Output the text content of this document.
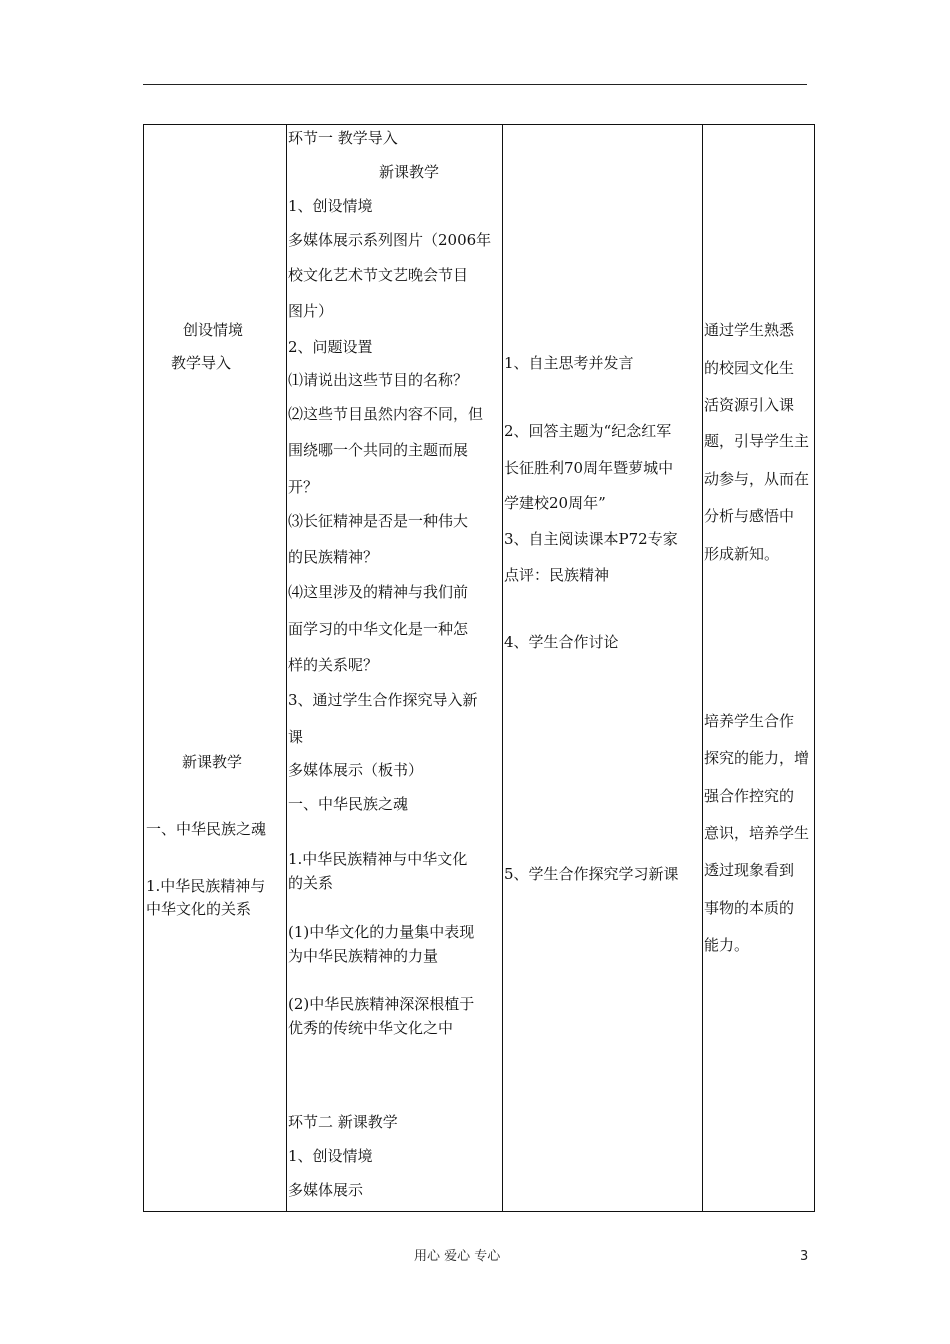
创设情境
教学导入
新课教学
一、中华民族之魂
1.中华民族精神与
中华文化的关系
环节一 教学导入
新课教学
1、创设情境
多媒体展示系列图片（2006年
校文化艺术节文艺晚会节目
图片）
2、问题设置
⑴请说出这些节目的名称？
⑵这些节目虽然内容不同，但
围绕哪一个共同的主题而展
开？
⑶长征精神是否是一种伟大
的民族精神？
⑷这里涉及的精神与我们前
面学习的中华文化是一种怎
样的关系呢？
3、通过学生合作探究导入新
课
多媒体展示（板书）
一、中华民族之魂
1.中华民族精神与中华文化
的关系
(1)中华文化的力量集中表现
为中华民族精神的力量
(2)中华民族精神深深根植于
优秀的传统中华文化之中
环节二 新课教学
1、创设情境
多媒体展示
1、自主思考并发言
2、回答主题为“纪念红军
长征胜利70周年暨萝城中
学建校20周年”
3、自主阅读课本P72专家
点评：民族精神
4、学生合作讨论
5、学生合作探究学习新课
通过学生熟悉
的校园文化生
活资源引入课
题，引导学生主
动参与，从而在
分析与感悟中
形成新知。
培养学生合作
探究的能力，增
强合作控究的
意识，培养学生
透过现象看到
事物的本质的
能力。
用心 爱心 专心	3
